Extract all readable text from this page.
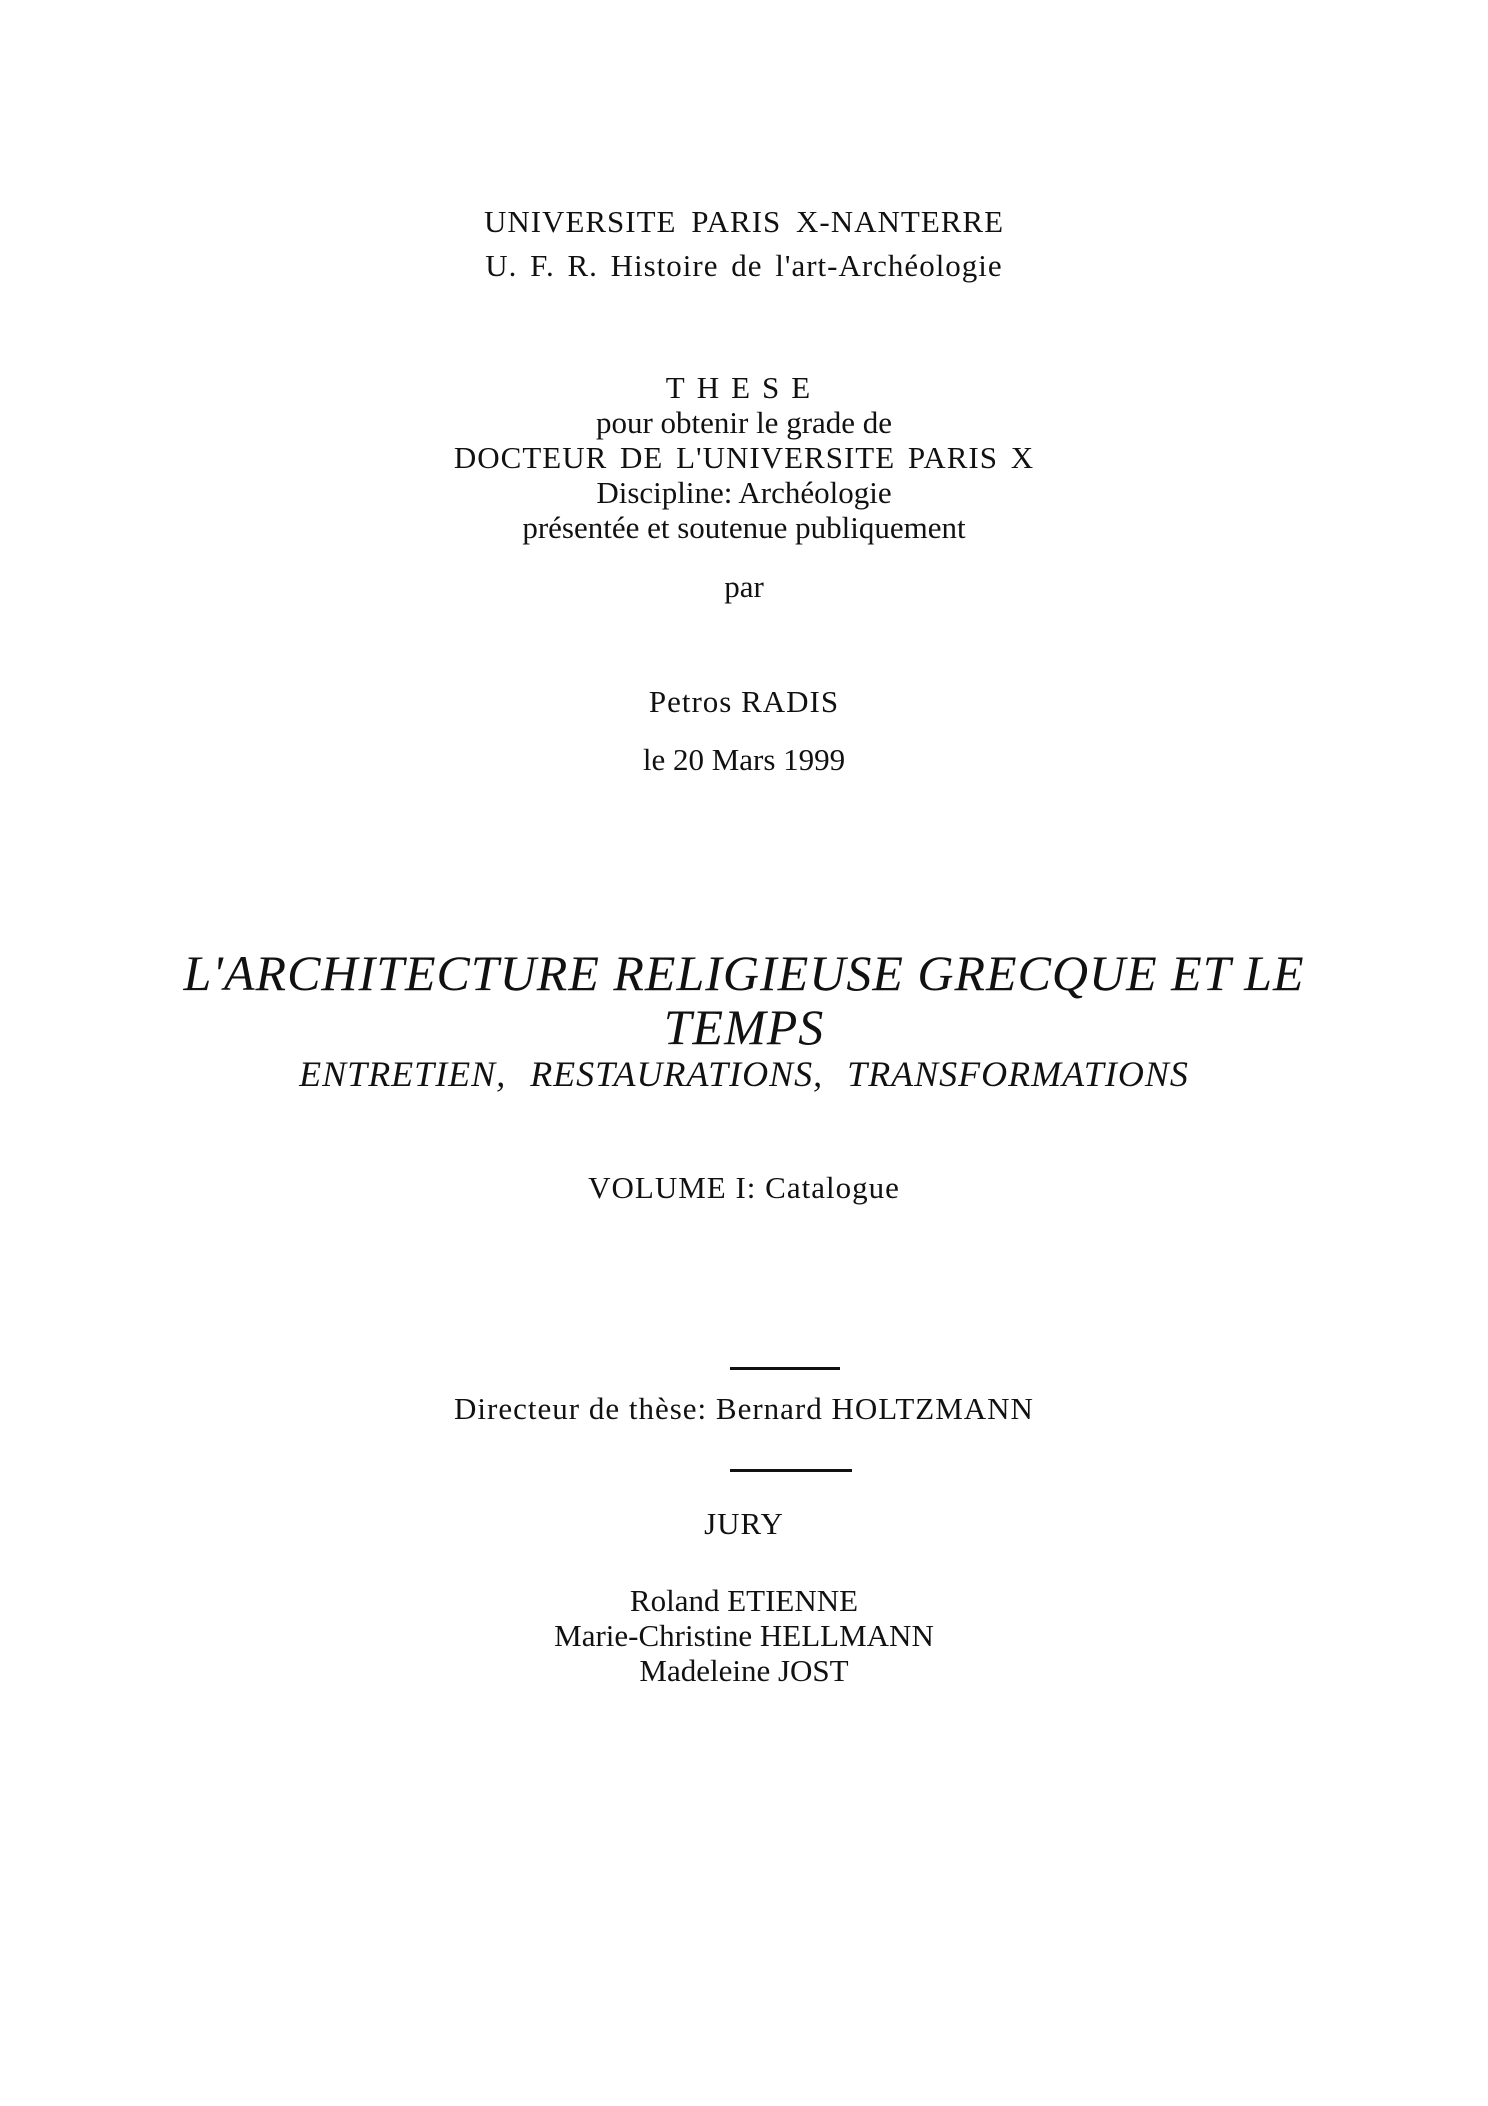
UNIVERSITE PARIS X-NANTERRE
U. F. R. Histoire de l'art-Archéologie
THESE
pour obtenir le grade de
DOCTEUR DE L'UNIVERSITE PARIS X
Discipline: Archéologie
présentée et soutenue publiquement
par
Petros RADIS
le 20 Mars 1999
L'ARCHITECTURE RELIGIEUSE GRECQUE ET LE
TEMPS
ENTRETIEN, RESTAURATIONS, TRANSFORMATIONS
VOLUME I: Catalogue
Directeur de thèse: Bernard HOLTZMANN
JURY
Roland ETIENNE
Marie-Christine HELLMANN
Madeleine JOST
